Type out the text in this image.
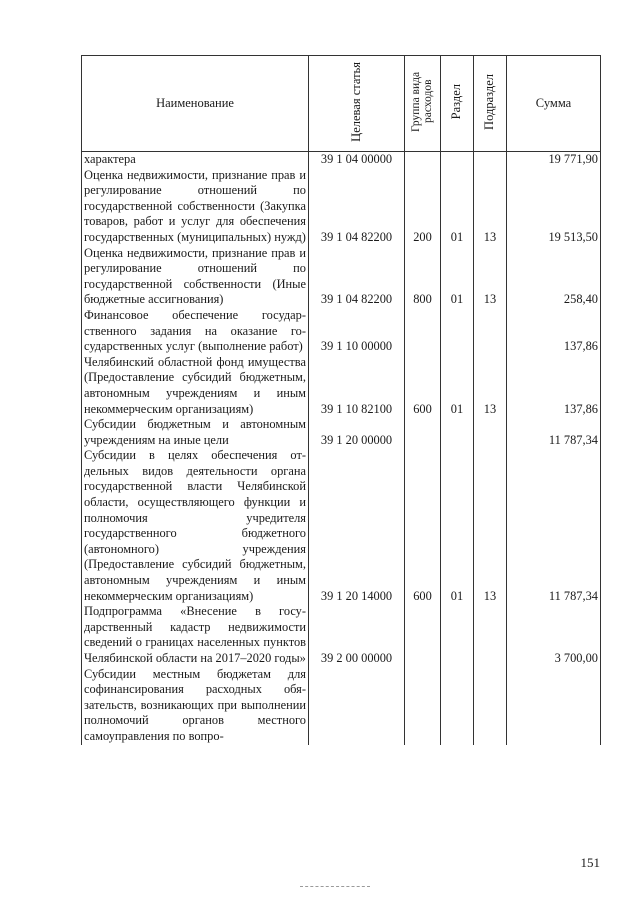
Наименование	Целевая статья	Группа вида расходов	Раздел	Подраздел	Сумма
характера	39 1 04 00000				19 771,90
Оценка недвижимости, признание прав и регулирование отношений по государственной собственности (Закупка товаров, работ и услуг для обеспечения государственных (муниципальных) нужд)	39 1 04 82200	200	01	13	19 513,50
Оценка недвижимости, признание прав и регулирование отношений по государственной собственности (Иные бюджетные ассигнования)	39 1 04 82200	800	01	13	258,40
Финансовое обеспечение государственного задания на оказание государственных услуг (выполнение работ)	39 1 10 00000				137,86
Челябинский областной фонд имущества (Предоставление субсидий бюджетным, автономным учреждениям и иным некоммерческим организациям)	39 1 10 82100	600	01	13	137,86
Субсидии бюджетным и автономным учреждениям на иные цели	39 1 20 00000				11 787,34
Субсидии в целях обеспечения отдельных видов деятельности органа государственной власти Челябинской области, осуществляющего функции и полномочия учредителя государственного бюджетного (автономного) учреждения (Предоставление субсидий бюджетным, автономным учреждениям и иным некоммерческим организациям)	39 1 20 14000	600	01	13	11 787,34
Подпрограмма «Внесение в государственный кадастр недвижимости сведений о границах населенных пунктов Челябинской области на 2017–2020 годы»	39 2 00 00000				3 700,00
Субсидии местным бюджетам для софинансирования расходных обязательств, возникающих при выполнении полномочий органов местного самоуправления по вопро-					
151
